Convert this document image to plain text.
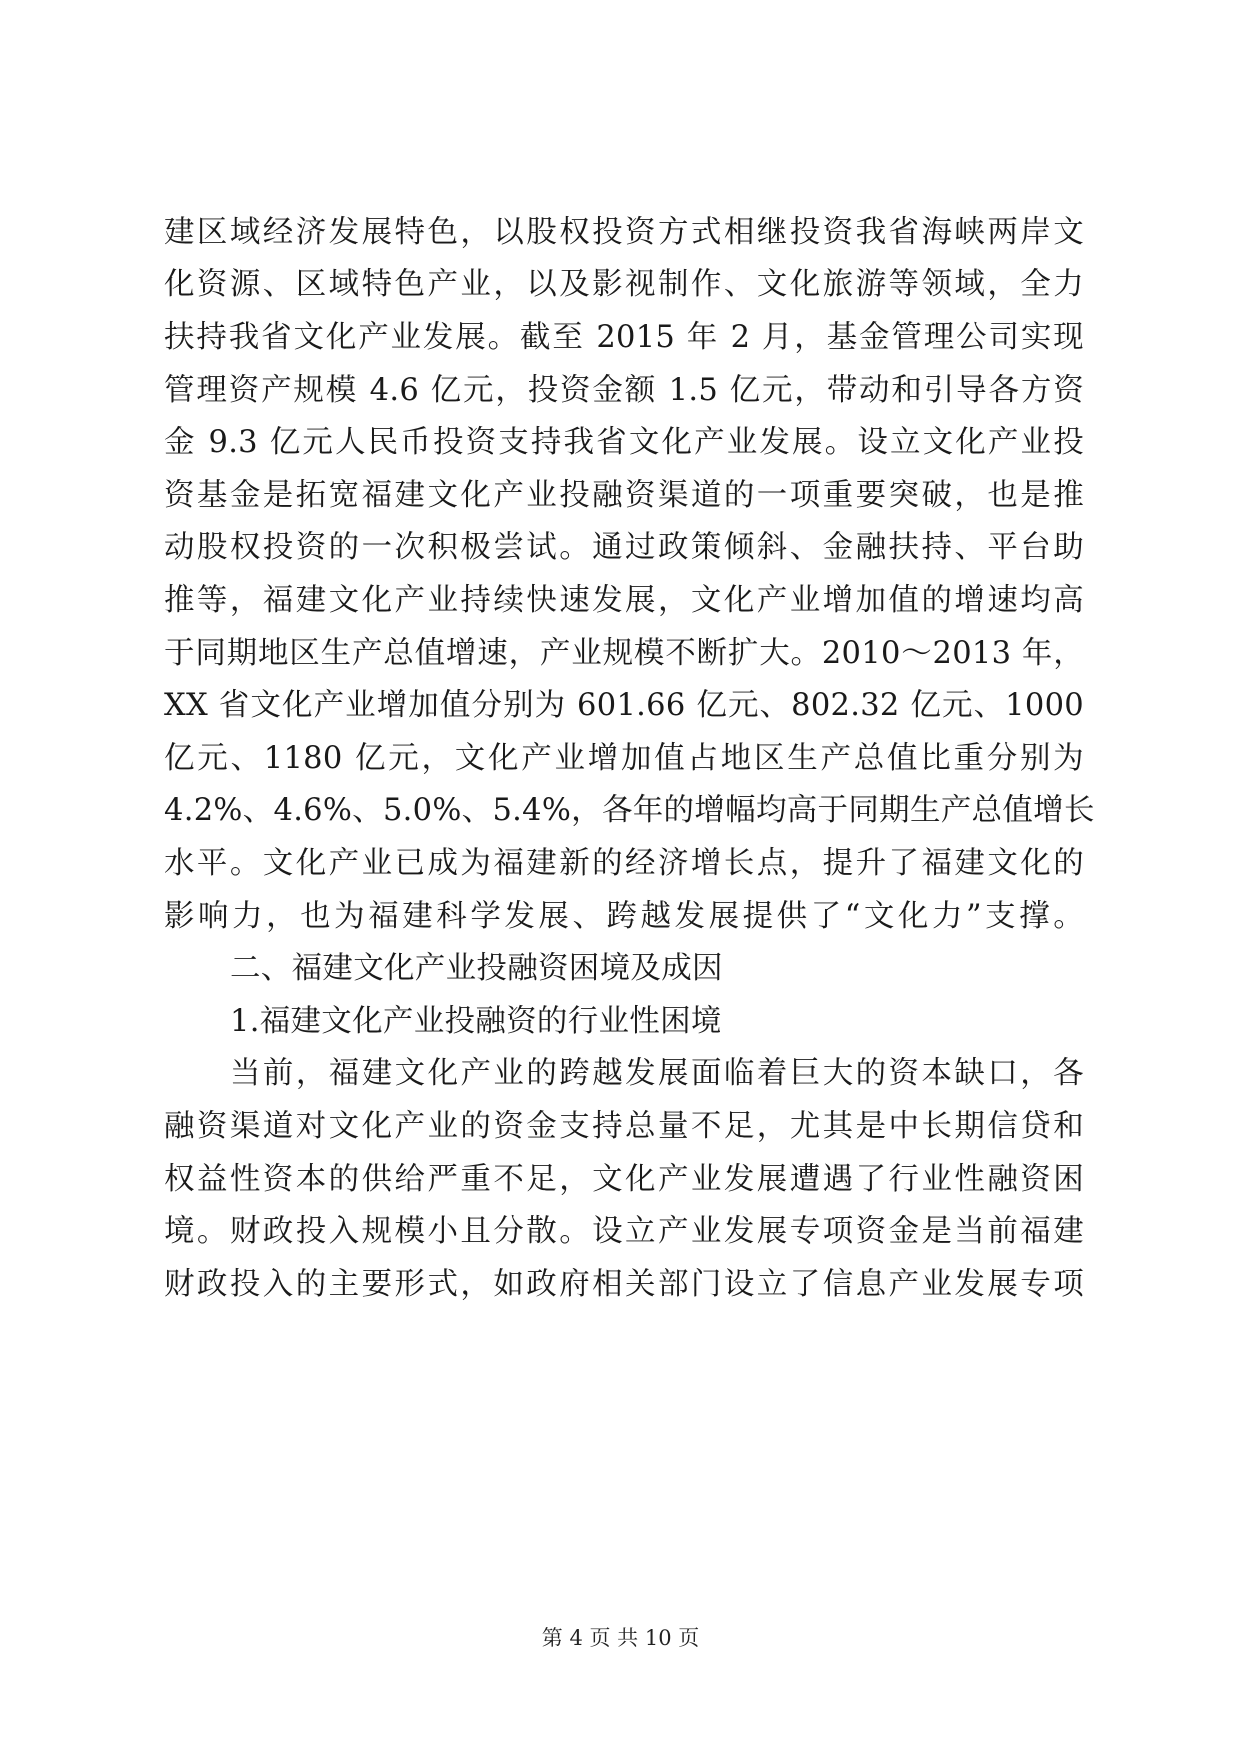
建区域经济发展特色，以股权投资方式相继投资我省海峡两岸文
化资源、区域特色产业，以及影视制作、文化旅游等领域，全力
扶持我省文化产业发展。截至 2015 年 2 月，基金管理公司实现
管理资产规模 4.6 亿元，投资金额 1.5 亿元，带动和引导各方资
金 9.3 亿元人民币投资支持我省文化产业发展。设立文化产业投
资基金是拓宽福建文化产业投融资渠道的一项重要突破，也是推
动股权投资的一次积极尝试。通过政策倾斜、金融扶持、平台助
推等，福建文化产业持续快速发展，文化产业增加值的增速均高
于同期地区生产总值增速，产业规模不断扩大。2010～2013 年，
XX 省文化产业增加值分别为 601.66 亿元、802.32 亿元、1000
亿元、1180 亿元，文化产业增加值占地区生产总值比重分别为
4.2%、4.6%、5.0%、5.4%，各年的增幅均高于同期生产总值增长
水平。文化产业已成为福建新的经济增长点，提升了福建文化的
影响力，也为福建科学发展、跨越发展提供了“文化力”支撑。
二、福建文化产业投融资困境及成因
1.福建文化产业投融资的行业性困境
当前，福建文化产业的跨越发展面临着巨大的资本缺口，各
融资渠道对文化产业的资金支持总量不足，尤其是中长期信贷和
权益性资本的供给严重不足，文化产业发展遭遇了行业性融资困
境。财政投入规模小且分散。设立产业发展专项资金是当前福建
财政投入的主要形式，如政府相关部门设立了信息产业发展专项
第 4 页 共 10 页
